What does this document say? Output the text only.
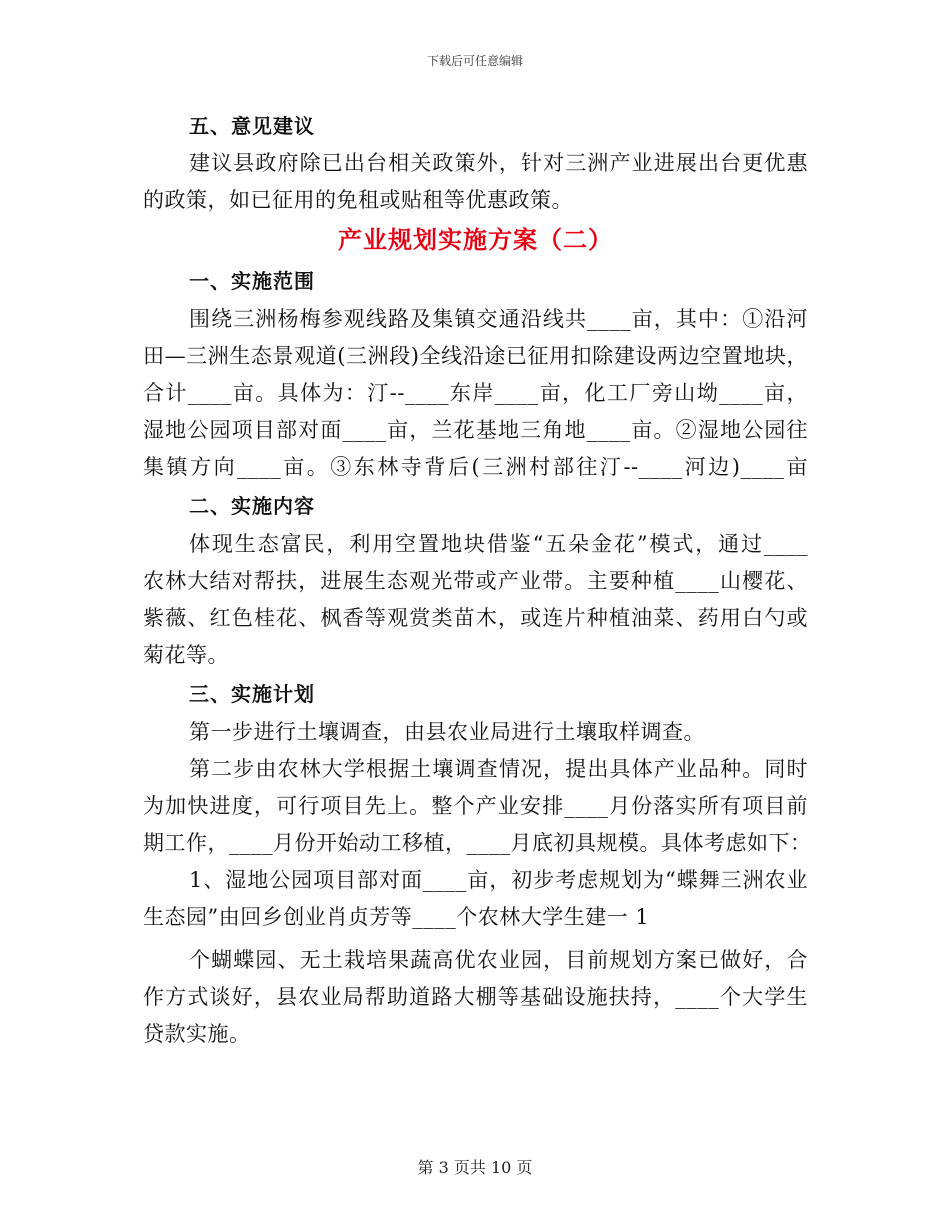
下载后可任意编辑
五、意见建议
建议县政府除已出台相关政策外，针对三洲产业进展出台更优惠
的政策，如已征用的免租或贴租等优惠政策。
产业规划实施方案（二）
一、实施范围
围绕三洲杨梅参观线路及集镇交通沿线共____亩，其中：①沿河
田—三洲生态景观道(三洲段)全线沿途已征用扣除建设两边空置地块，
合计____亩。具体为：汀--____东岸____亩，化工厂旁山坳____亩，
湿地公园项目部对面____亩，兰花基地三角地____亩。②湿地公园往
集镇方向____亩。③东林寺背后(三洲村部往汀--____河边)____亩
二、实施内容
体现生态富民，利用空置地块借鉴“五朵金花”模式，通过____
农林大结对帮扶，进展生态观光带或产业带。主要种植____山樱花、
紫薇、红色桂花、枫香等观赏类苗木，或连片种植油菜、药用白勺或
菊花等。
三、实施计划
第一步进行土壤调查，由县农业局进行土壤取样调查。
第二步由农林大学根据土壤调查情况，提出具体产业品种。同时
为加快进度，可行项目先上。整个产业安排____月份落实所有项目前
期工作，____月份开始动工移植，____月底初具规模。具体考虑如下：
1、湿地公园项目部对面____亩，初步考虑规划为“蝶舞三洲农业
生态园”由回乡创业肖贞芳等____个农林大学生建一 1
个蝴蝶园、无土栽培果蔬高优农业园，目前规划方案已做好，合
作方式谈好，县农业局帮助道路大棚等基础设施扶持，____个大学生
贷款实施。
第 3 页共 10 页
